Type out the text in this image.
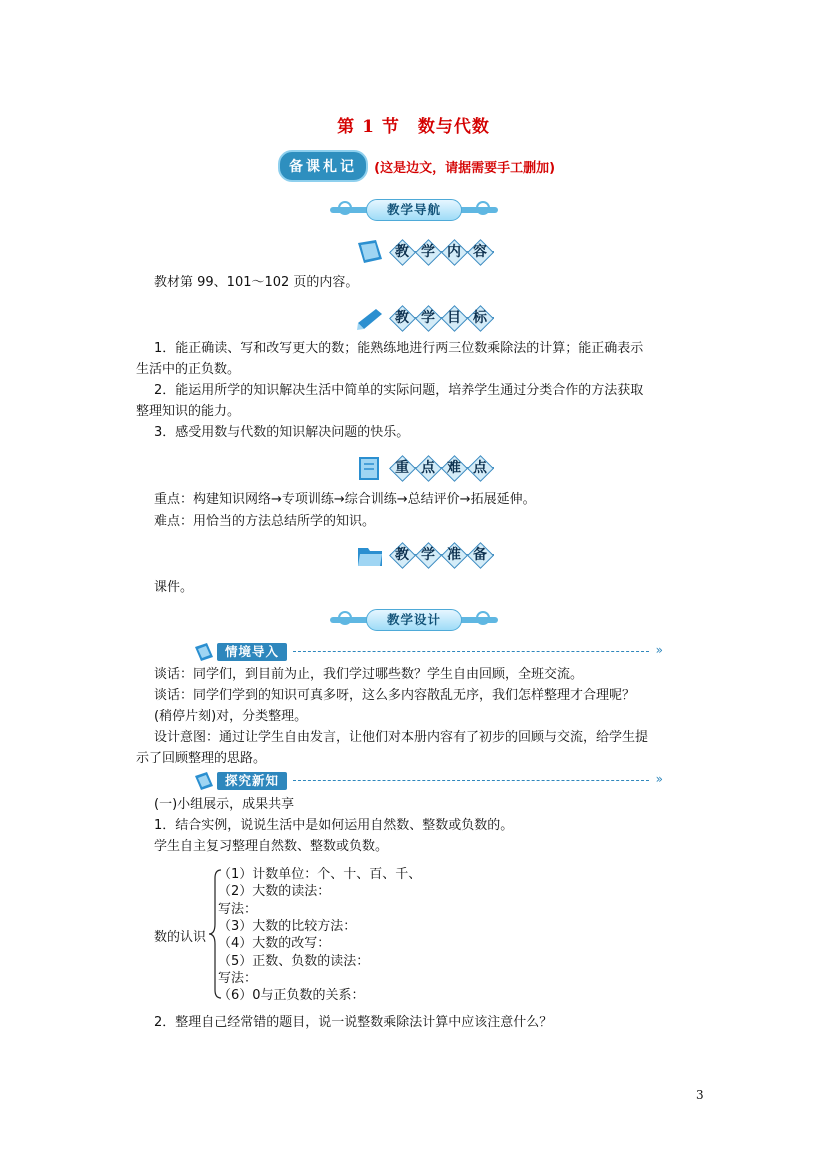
第 1 节　数与代数
备课札记 (这是边文，请据需要手工删加)
教学导航
教 学 内 容
教材第 99、101～102 页的内容。
教 学 目 标
1．能正确读、写和改写更大的数；能熟练地进行两三位数乘除法的计算；能正确表示
生活中的正负数。
2．能运用所学的知识解决生活中简单的实际问题，培养学生通过分类合作的方法获取
整理知识的能力。
3．感受用数与代数的知识解决问题的快乐。
重 点 难 点
重点：构建知识网络→专项训练→综合训练→总结评价→拓展延伸。
难点：用恰当的方法总结所学的知识。
教 学 准 备
课件。
教学设计
情境导入	»
谈话：同学们，到目前为止，我们学过哪些数？学生自由回顾，全班交流。
谈话：同学们学到的知识可真多呀，这么多内容散乱无序，我们怎样整理才合理呢？
(稍停片刻)对，分类整理。
设计意图：通过让学生自由发言，让他们对本册内容有了初步的回顾与交流，给学生提
示了回顾整理的思路。
探究新知	»
(一)小组展示，成果共享
1．结合实例，说说生活中是如何运用自然数、整数或负数的。
学生自主复习整理自然数、整数或负数。
数的认识
（1）计数单位：个、十、百、千、
（2）大数的读法：
写法：
（3）大数的比较方法：
（4）大数的改写：
（5）正数、负数的读法：
写法：
（6）0与正负数的关系：
2．整理自己经常错的题目，说一说整数乘除法计算中应该注意什么？
3
